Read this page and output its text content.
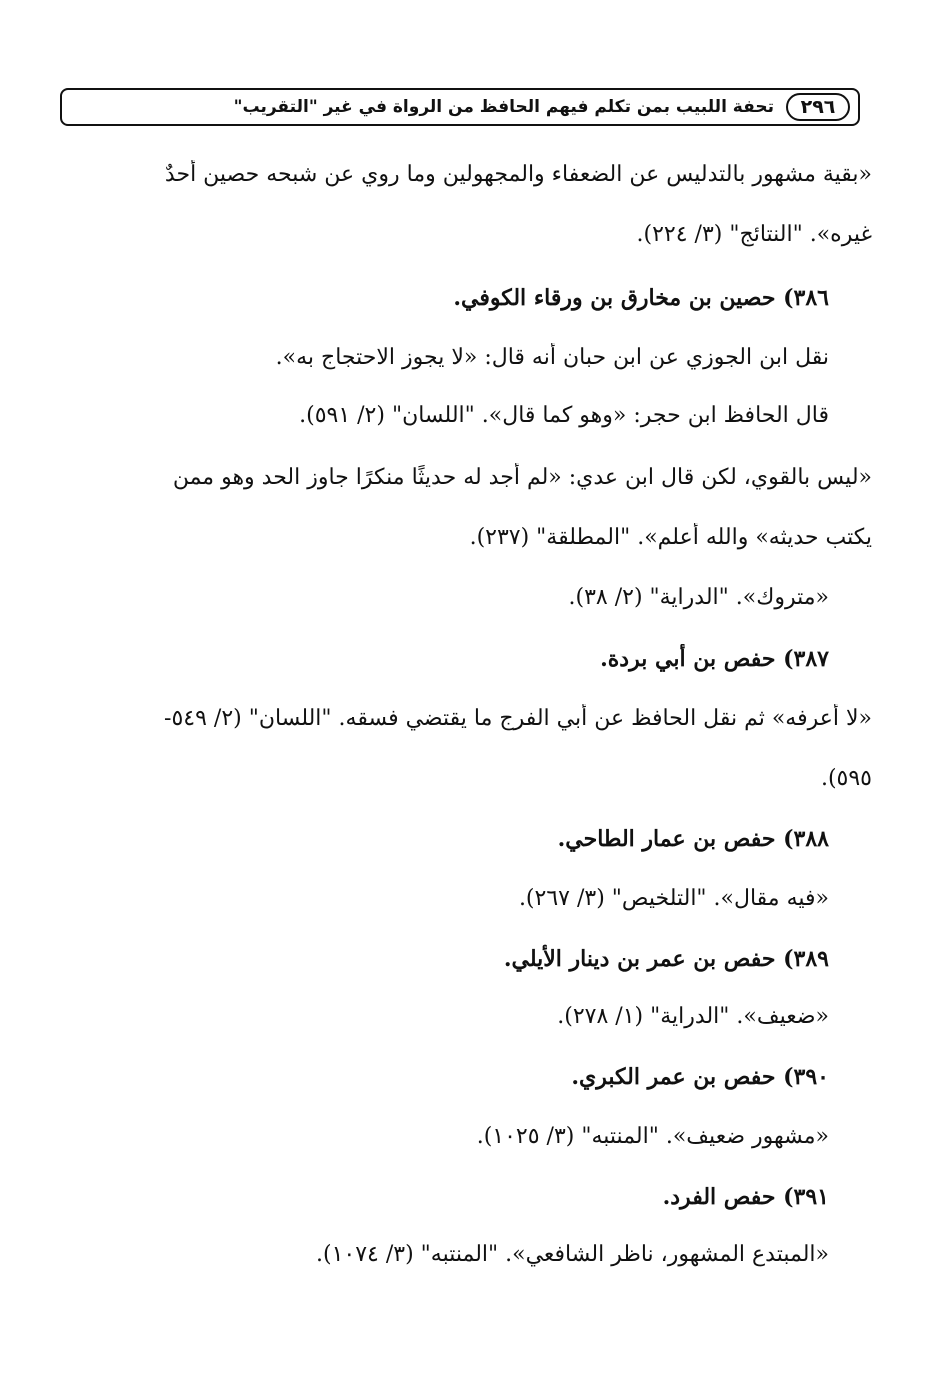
٢٩٦
تحفة اللبيب بمن تكلم فيهم الحافظ من الرواة في غير "التقريب"
«بقية مشهور بالتدليس عن الضعفاء والمجهولين وما روي عن شبحه حصين أحدٌ
غيره». "النتائج" (٣/ ٢٢٤).
٣٨٦) حصين بن مخارق بن ورقاء الكوفي.
نقل ابن الجوزي عن ابن حبان أنه قال: «لا يجوز الاحتجاج به».
قال الحافظ ابن حجر: «وهو كما قال». "اللسان" (٢/ ٥٩١).
«ليس بالقوي، لكن قال ابن عدي: «لم أجد له حديثًا منكرًا جاوز الحد وهو ممن
يكتب حديثه» والله أعلم». "المطلقة" (٢٣٧).
«متروك». "الدراية" (٢/ ٣٨).
٣٨٧) حفص بن أبي بردة.
«لا أعرفه» ثم نقل الحافظ عن أبي الفرج ما يقتضي فسقه. "اللسان" (٢/ ٥٤٩-
٥٩٥).
٣٨٨) حفص بن عمار الطاحي.
«فيه مقال». "التلخيص" (٣/ ٢٦٧).
٣٨٩) حفص بن عمر بن دينار الأيلي.
«ضعيف». "الدراية" (١/ ٢٧٨).
٣٩٠) حفص بن عمر الكبري.
«مشهور ضعيف». "المنتبه" (٣/ ١٠٢٥).
٣٩١) حفص الفرد.
«المبتدع المشهور، ناظر الشافعي». "المنتبه" (٣/ ١٠٧٤).
